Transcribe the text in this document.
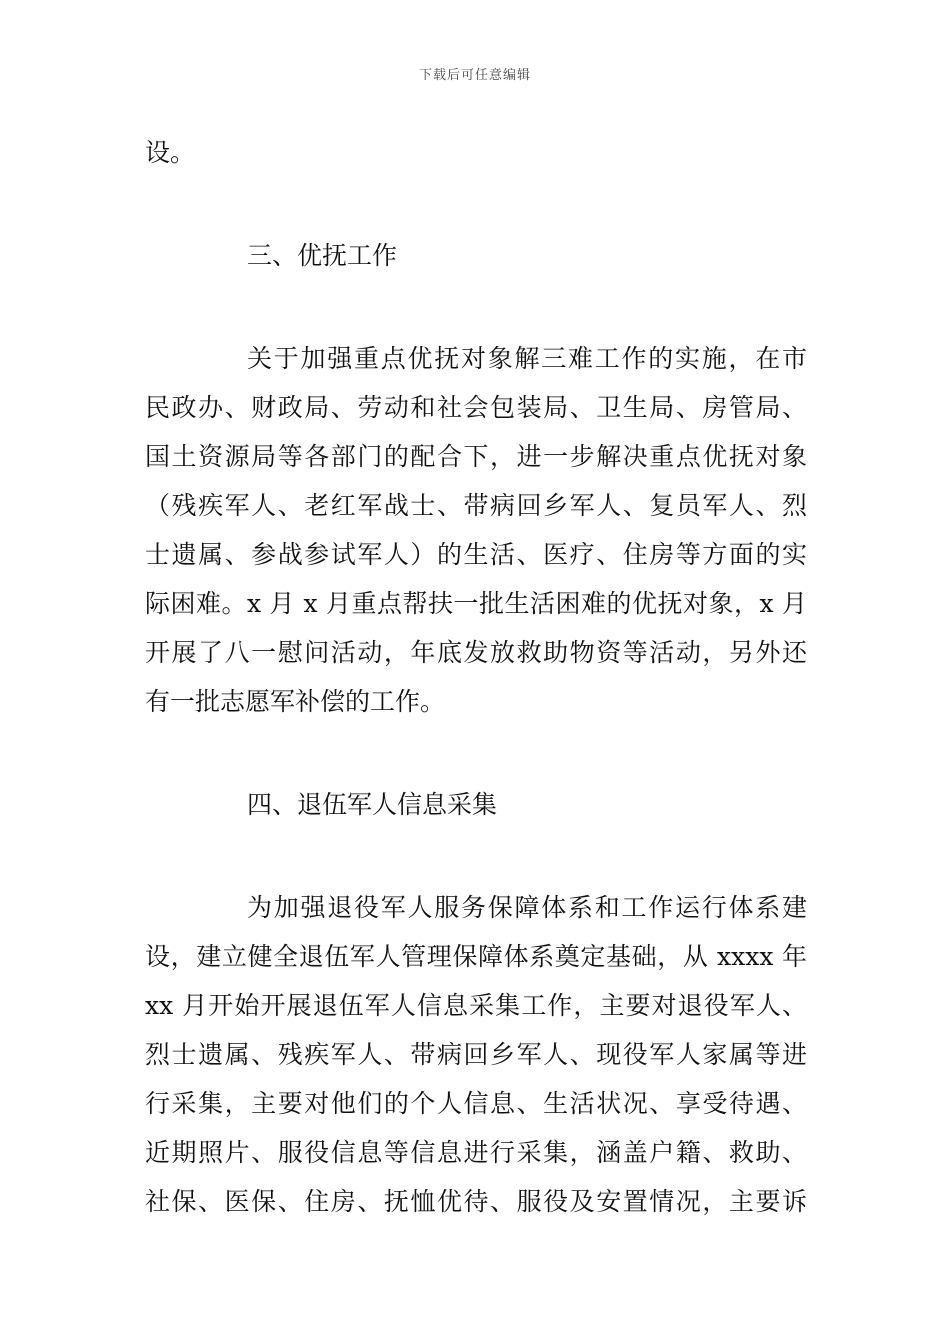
下载后可任意编辑
设。
三、优抚工作
关于加强重点优抚对象解三难工作的实施，在市
民政办、财政局、劳动和社会包装局、卫生局、房管局、
国土资源局等各部门的配合下，进一步解决重点优抚对象
（残疾军人、老红军战士、带病回乡军人、复员军人、烈
士遗属、参战参试军人）的生活、医疗、住房等方面的实
际困难。x 月 x 月重点帮扶一批生活困难的优抚对象，x 月
开展了八一慰问活动，年底发放救助物资等活动，另外还
有一批志愿军补偿的工作。
四、退伍军人信息采集
为加强退役军人服务保障体系和工作运行体系建
设，建立健全退伍军人管理保障体系奠定基础，从 xxxx 年
xx 月开始开展退伍军人信息采集工作，主要对退役军人、
烈士遗属、残疾军人、带病回乡军人、现役军人家属等进
行采集，主要对他们的个人信息、生活状况、享受待遇、
近期照片、服役信息等信息进行采集，涵盖户籍、救助、
社保、医保、住房、抚恤优待、服役及安置情况，主要诉
